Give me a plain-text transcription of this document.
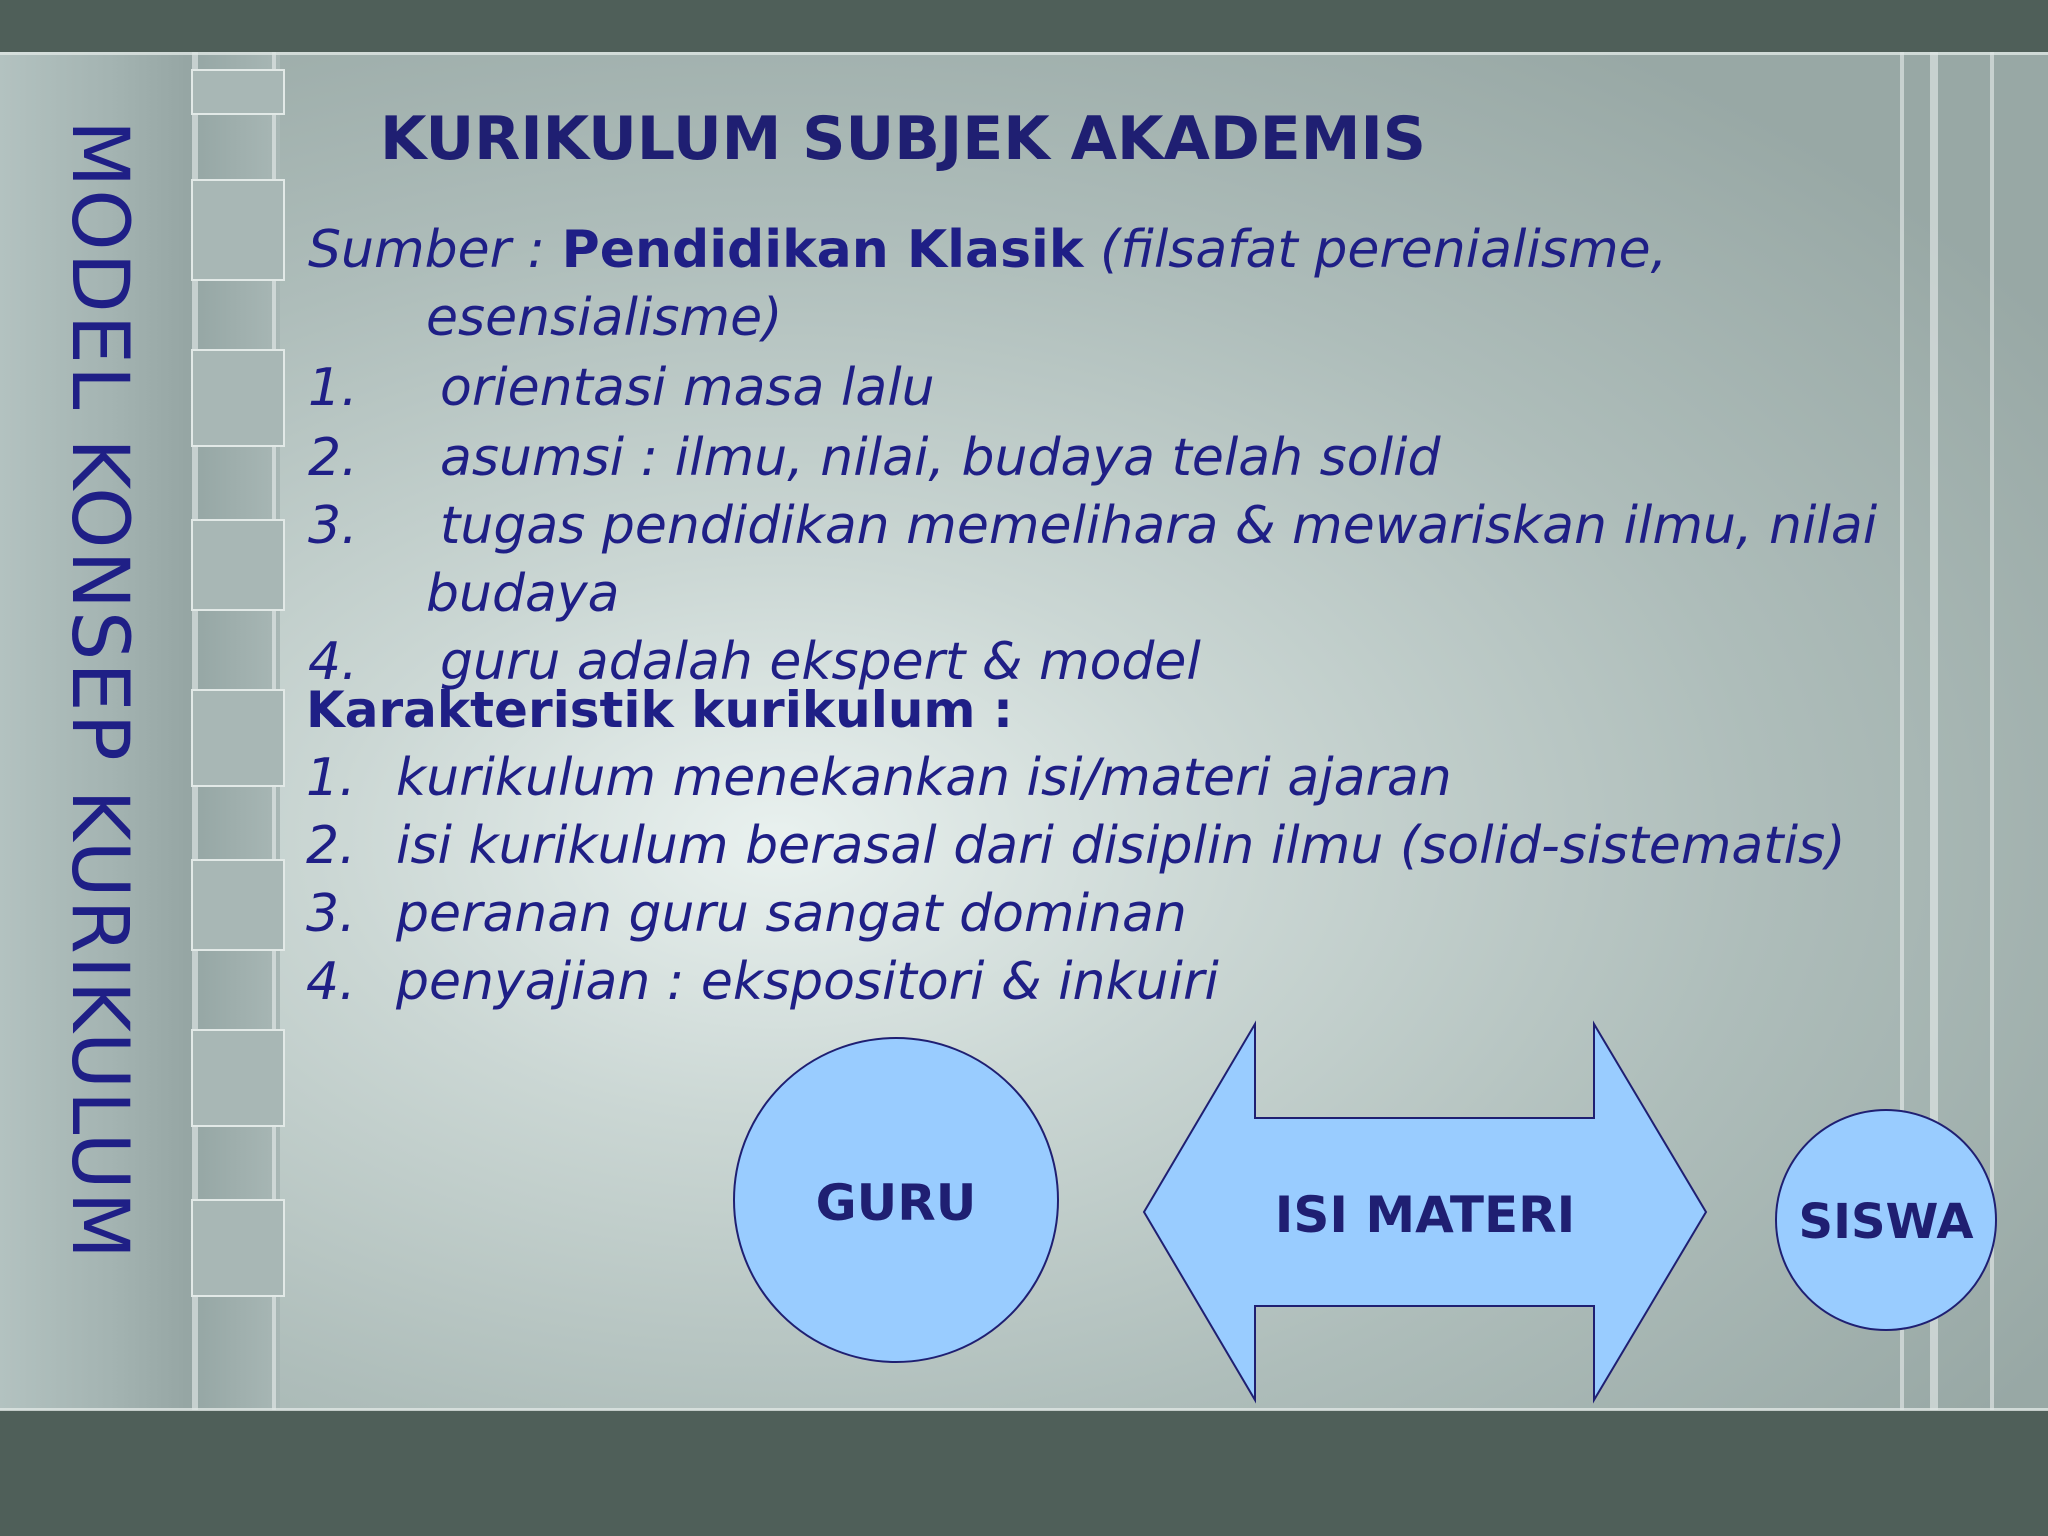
MODEL KONSEP KURIKULUM	KURIKULUM SUBJEK AKADEMIS
Sumber : Pendidikan Klasik (filsafat perenialisme,
esensialisme)
1. orientasi masa lalu
2. asumsi : ilmu, nilai, budaya telah solid
3. tugas pendidikan memelihara & mewariskan ilmu, nilai
budaya
4. guru adalah ekspert & model
Karakteristik kurikulum :
1. kurikulum menekankan isi/materi ajaran
2. isi kurikulum berasal dari disiplin ilmu (solid-sistematis)
3. peranan guru sangat dominan
4. penyajian : ekspositori & inkuiri
GURU	ISI MATERI	SISWA
